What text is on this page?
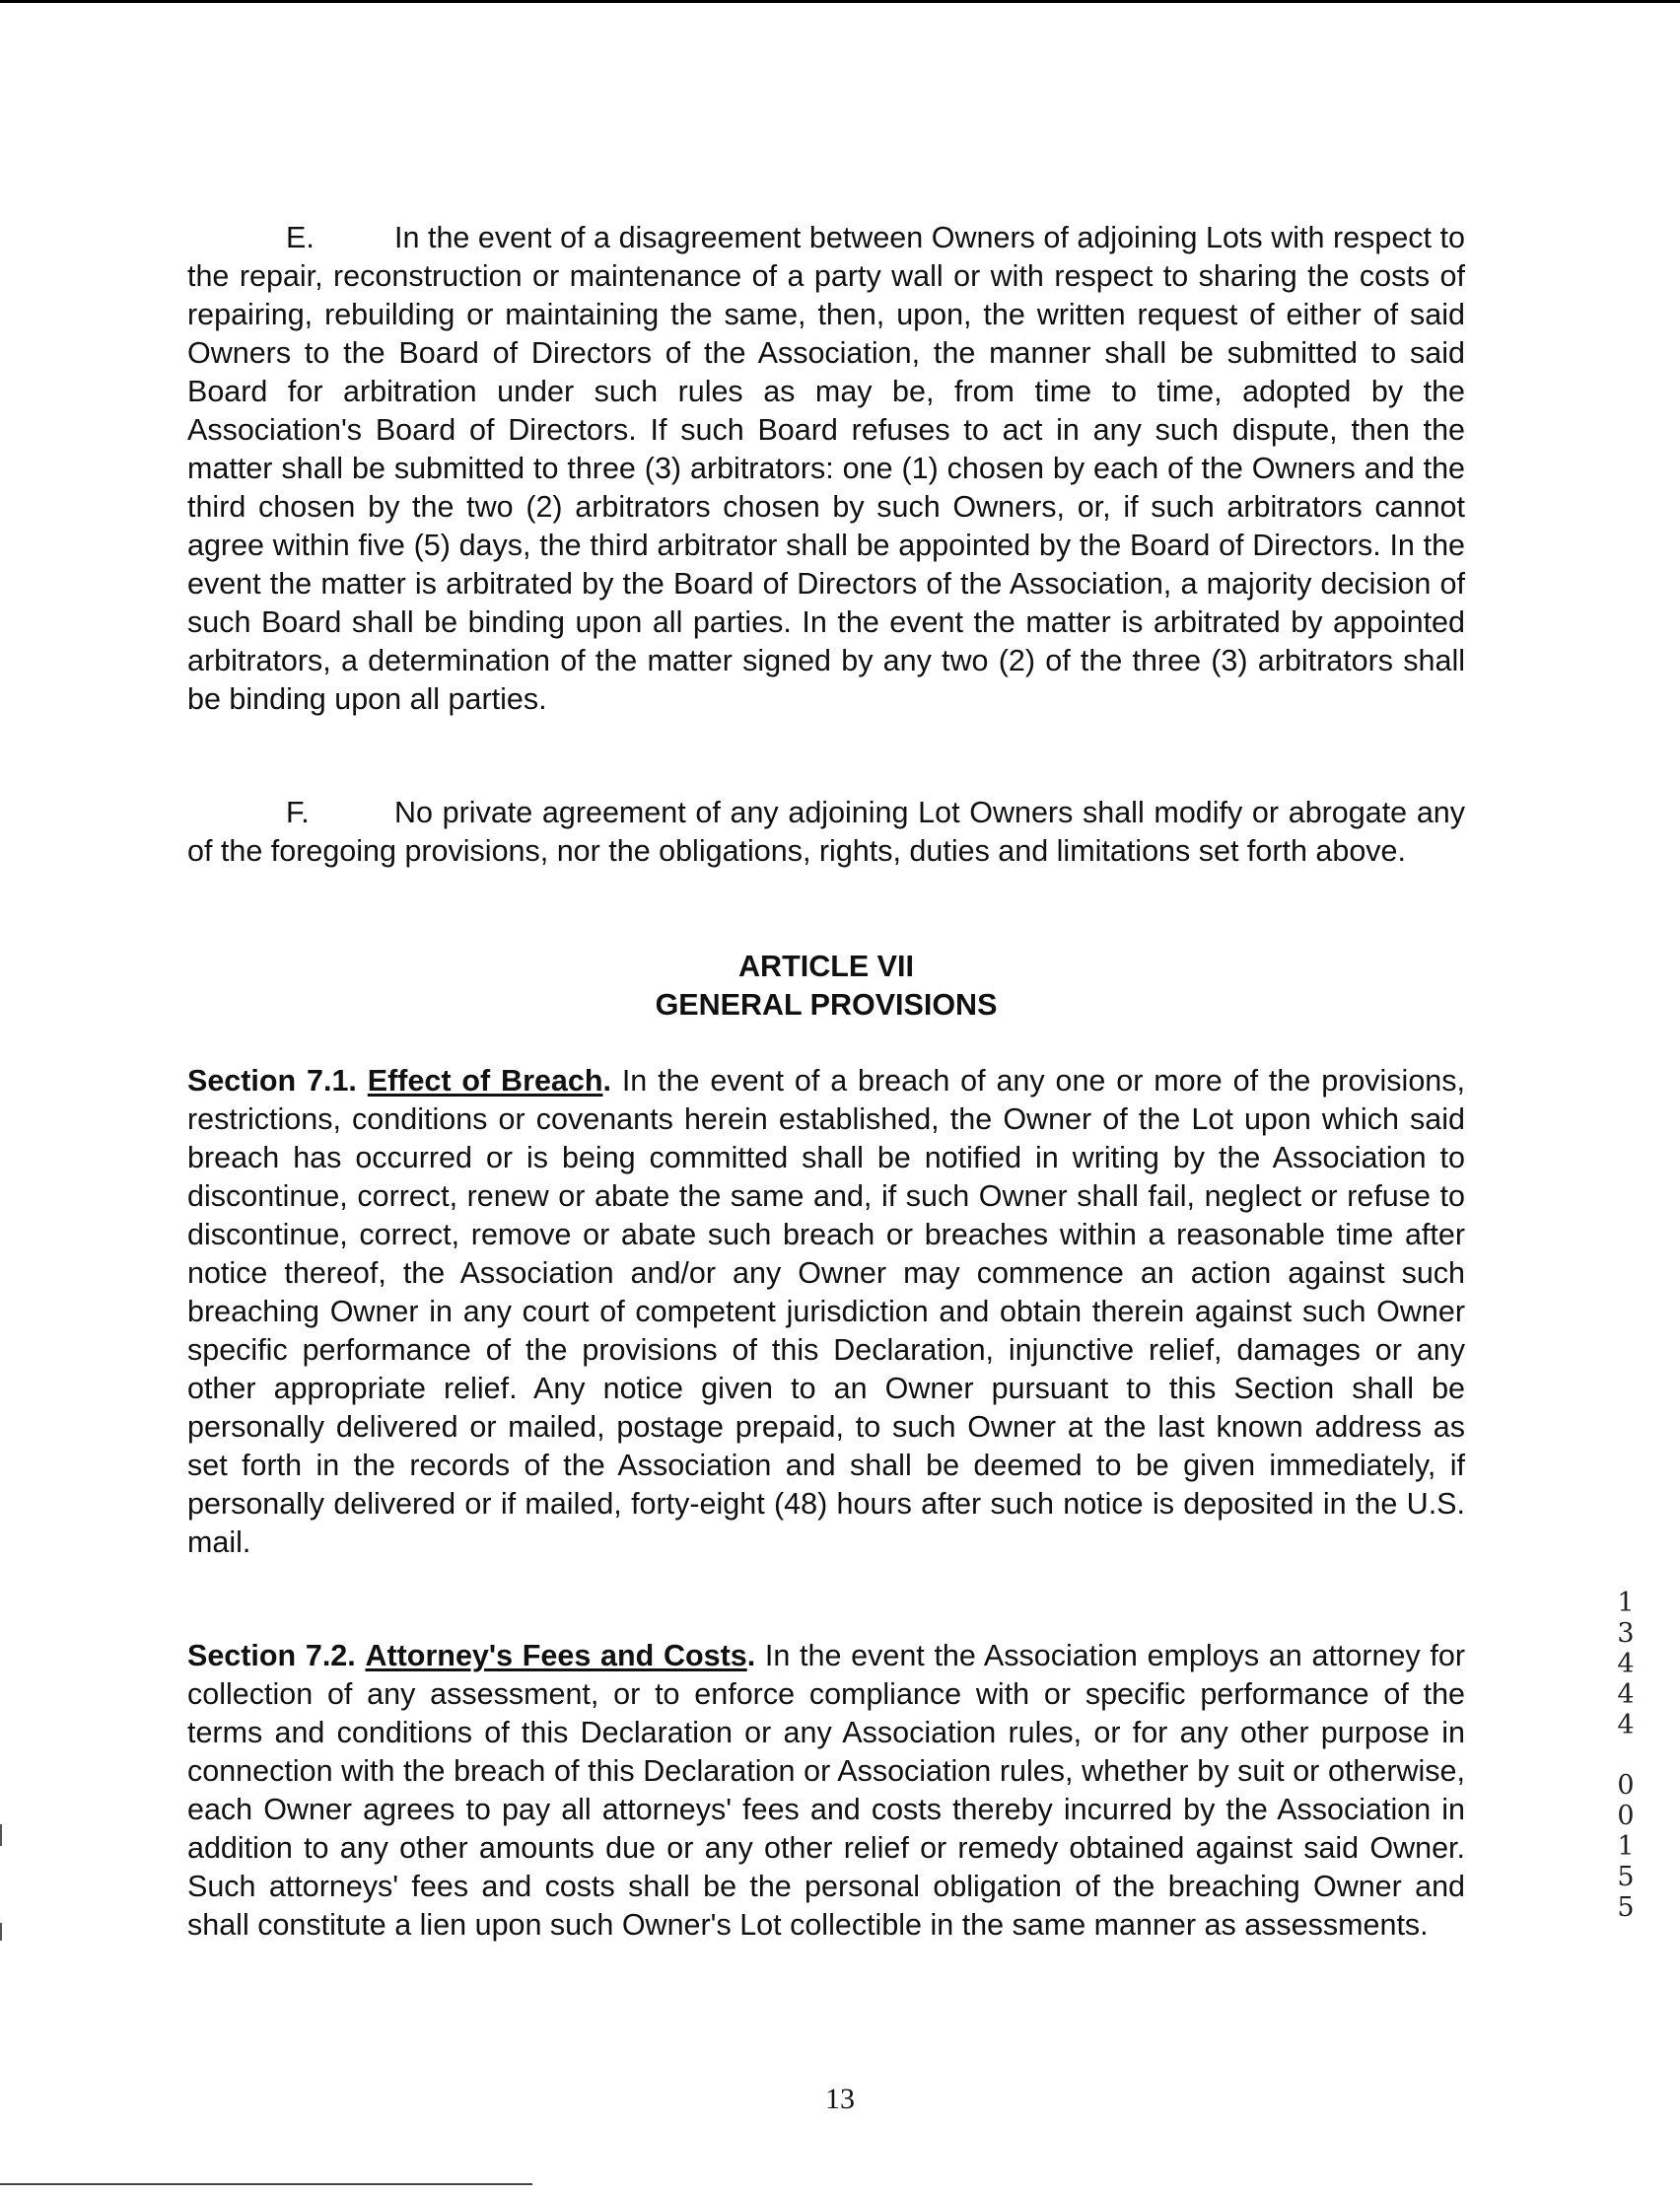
E.	In the event of a disagreement between Owners of adjoining Lots with respect to the repair, reconstruction or maintenance of a party wall or with respect to sharing the costs of repairing, rebuilding or maintaining the same, then, upon, the written request of either of said Owners to the Board of Directors of the Association, the manner shall be submitted to said Board for arbitration under such rules as may be, from time to time, adopted by the Association's Board of Directors. If such Board refuses to act in any such dispute, then the matter shall be submitted to three (3) arbitrators: one (1) chosen by each of the Owners and the third chosen by the two (2) arbitrators chosen by such Owners, or, if such arbitrators cannot agree within five (5) days, the third arbitrator shall be appointed by the Board of Directors. In the event the matter is arbitrated by the Board of Directors of the Association, a majority decision of such Board shall be binding upon all parties. In the event the matter is arbitrated by appointed arbitrators, a determination of the matter signed by any two (2) of the three (3) arbitrators shall be binding upon all parties.
F.	No private agreement of any adjoining Lot Owners shall modify or abrogate any of the foregoing provisions, nor the obligations, rights, duties and limitations set forth above.
ARTICLE VII
GENERAL PROVISIONS
Section 7.1. Effect of Breach. In the event of a breach of any one or more of the provisions, restrictions, conditions or covenants herein established, the Owner of the Lot upon which said breach has occurred or is being committed shall be notified in writing by the Association to discontinue, correct, renew or abate the same and, if such Owner shall fail, neglect or refuse to discontinue, correct, remove or abate such breach or breaches within a reasonable time after notice thereof, the Association and/or any Owner may commence an action against such breaching Owner in any court of competent jurisdiction and obtain therein against such Owner specific performance of the provisions of this Declaration, injunctive relief, damages or any other appropriate relief. Any notice given to an Owner pursuant to this Section shall be personally delivered or mailed, postage prepaid, to such Owner at the last known address as set forth in the records of the Association and shall be deemed to be given immediately, if personally delivered or if mailed, forty-eight (48) hours after such notice is deposited in the U.S. mail.
Section 7.2. Attorney's Fees and Costs. In the event the Association employs an attorney for collection of any assessment, or to enforce compliance with or specific performance of the terms and conditions of this Declaration or any Association rules, or for any other purpose in connection with the breach of this Declaration or Association rules, whether by suit or otherwise, each Owner agrees to pay all attorneys' fees and costs thereby incurred by the Association in addition to any other amounts due or any other relief or remedy obtained against said Owner. Such attorneys' fees and costs shall be the personal obligation of the breaching Owner and shall constitute a lien upon such Owner's Lot collectible in the same manner as assessments.
13444
00155
13
